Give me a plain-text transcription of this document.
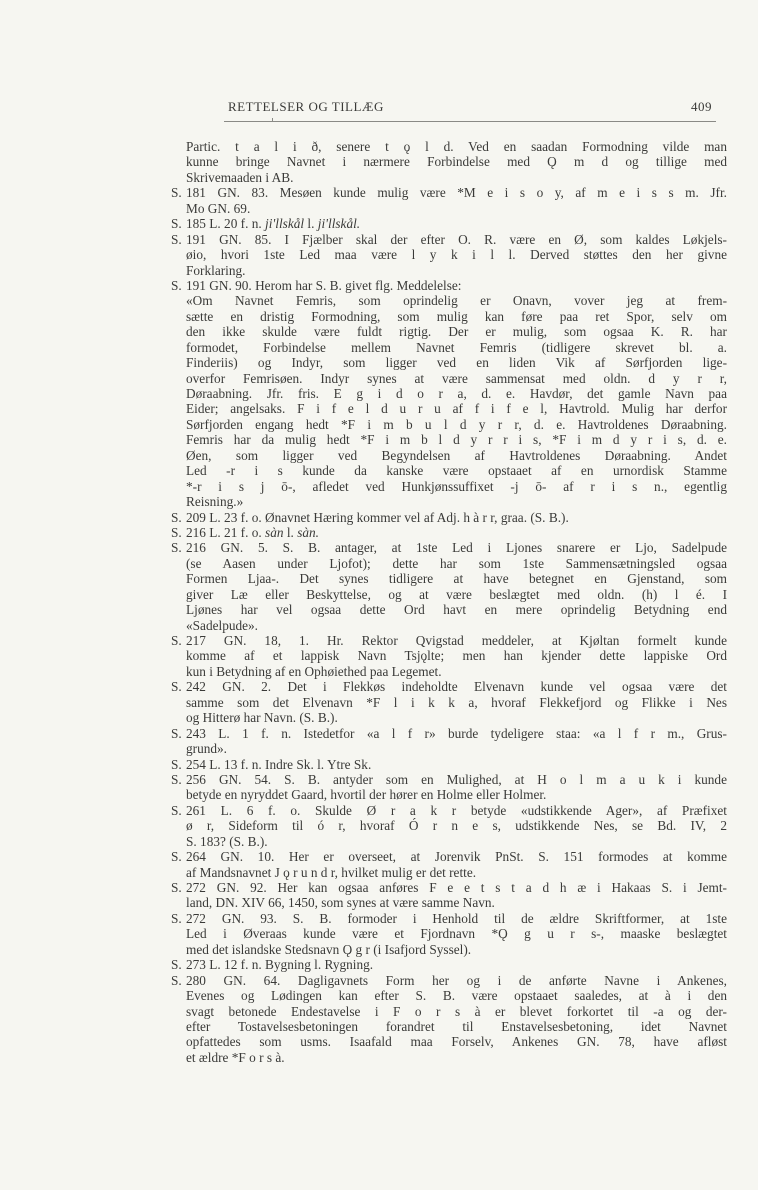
RETTELSER OG TILLÆG	409
Partic. t a l i ð, senere t ǫ l d. Ved en saadan Formodning vilde man
kunne bringe Navnet i nærmere Forbindelse med Ǫ m d og tillige med
Skrivemaaden i AB.
S. 181 GN. 83. Mesøen kunde mulig være *M e i s o y, af m e i s s m. Jfr.
Mo GN. 69.
S. 185 L. 20 f. n. ji'llskål l. ji'llskål.
S. 191 GN. 85. I Fjælber skal der efter O. R. være en Ø, som kaldes Løkjels-
øio, hvori 1ste Led maa være l y k i l l. Derved støttes den her givne
Forklaring.
S. 191 GN. 90. Herom har S. B. givet flg. Meddelelse:
«Om Navnet Femris, som oprindelig er Onavn, vover jeg at frem-
sætte en dristig Formodning, som mulig kan føre paa ret Spor, selv om
den ikke skulde være fuldt rigtig. Der er mulig, som ogsaa K. R. har
formodet, Forbindelse mellem Navnet Femris (tidligere skrevet bl. a.
Finderiis) og Indyr, som ligger ved en liden Vik af Sørfjorden lige-
overfor Femrisøen. Indyr synes at være sammensat med oldn. d y r r,
Døraabning. Jfr. fris. E g i d o r a, d. e. Havdør, det gamle Navn paa
Eider; angelsaks. F i f e l d u r u af f i f e l, Havtrold. Mulig har derfor
Sørfjorden engang hedt *F i m b u l d y r r, d. e. Havtroldenes Døraabning.
Femris har da mulig hedt *F i m b l d y r r i s, *F i m d y r i s, d. e.
Øen, som ligger ved Begyndelsen af Havtroldenes Døraabning. Andet
Led -r i s kunde da kanske være opstaaet af en urnordisk Stamme
*-r i s j ō-, afledet ved Hunkjønssuffixet -j ō- af r i s n., egentlig
Reisning.»
S. 209 L. 23 f. o. Ønavnet Hæring kommer vel af Adj. h à r r, graa. (S. B.).
S. 216 L. 21 f. o. sàn l. sàn.
S. 216 GN. 5. S. B. antager, at 1ste Led i Ljones snarere er Ljo, Sadelpude
(se Aasen under Ljofot); dette har som 1ste Sammensætningsled ogsaa
Formen Ljaa-. Det synes tidligere at have betegnet en Gjenstand, som
giver Læ eller Beskyttelse, og at være beslægtet med oldn. (h) l é. I
Ljønes har vel ogsaa dette Ord havt en mere oprindelig Betydning end
«Sadelpude».
S. 217 GN. 18, 1. Hr. Rektor Qvigstad meddeler, at Kjøltan formelt kunde
komme af et lappisk Navn Tsjǫlte; men han kjender dette lappiske Ord
kun i Betydning af en Ophøiethed paa Legemet.
S. 242 GN. 2. Det i Flekkøs indeholdte Elvenavn kunde vel ogsaa være det
samme som det Elvenavn *F l i k k a, hvoraf Flekkefjord og Flikke i Nes
og Hitterø har Navn. (S. B.).
S. 243 L. 1 f. n. Istedetfor «a l f r» burde tydeligere staa: «a l f r m., Grus-
grund».
S. 254 L. 13 f. n. Indre Sk. l. Ytre Sk.
S. 256 GN. 54. S. B. antyder som en Mulighed, at H o l m a u k i kunde
betyde en nyryddet Gaard, hvortil der hører en Holme eller Holmer.
S. 261 L. 6 f. o. Skulde Ø r a k r betyde «udstikkende Ager», af Præfixet
ø r, Sideform til ó r, hvoraf Ó r n e s, udstikkende Nes, se Bd. IV, 2
S. 183? (S. B.).
S. 264 GN. 10. Her er overseet, at Jorenvik PnSt. S. 151 formodes at komme
af Mandsnavnet J ǫ r u n d r, hvilket mulig er det rette.
S. 272 GN. 92. Her kan ogsaa anføres F e e t s t a d h æ i Hakaas S. i Jemt-
land, DN. XIV 66, 1450, som synes at være samme Navn.
S. 272 GN. 93. S. B. formoder i Henhold til de ældre Skriftformer, at 1ste
Led i Øveraas kunde være et Fjordnavn *Ǫ g u r s-, maaske beslægtet
med det islandske Stedsnavn Ǫ g r (i Isafjord Syssel).
S. 273 L. 12 f. n. Bygning l. Rygning.
S. 280 GN. 64. Dagligavnets Form her og i de anførte Navne i Ankenes,
Evenes og Lødingen kan efter S. B. være opstaaet saaledes, at à i den
svagt betonede Endestavelse i F o r s à er blevet forkortet til -a og der-
efter Tostavelsesbetoningen forandret til Enstavelsesbetoning, idet Navnet
opfattedes som usms. Isaafald maa Forselv, Ankenes GN. 78, have afløst
et ældre *F o r s à.
